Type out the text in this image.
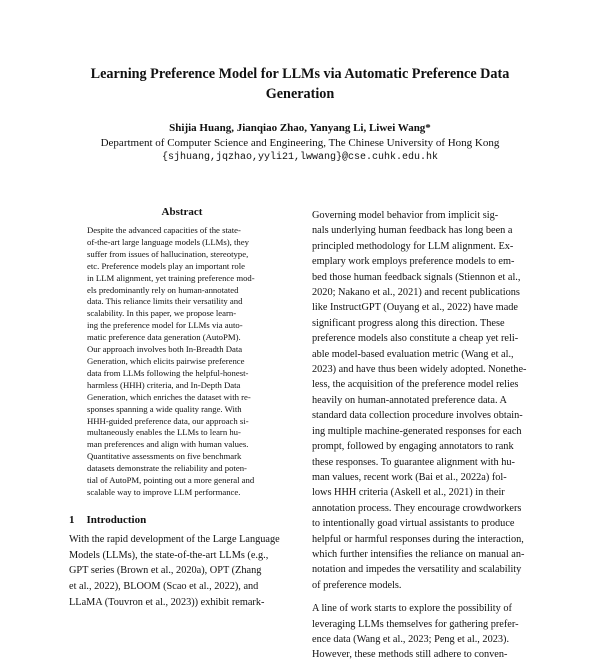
Learning Preference Model for LLMs via Automatic Preference Data
Generation
Shijia Huang, Jianqiao Zhao, Yanyang Li, Liwei Wang*
Department of Computer Science and Engineering, The Chinese University of Hong Kong
{sjhuang,jqzhao,yyli21,lwwang}@cse.cuhk.edu.hk
Abstract
Despite the advanced capacities of the state-
of-the-art large language models (LLMs), they
suffer from issues of hallucination, stereotype,
etc. Preference models play an important role
in LLM alignment, yet training preference mod-
els predominantly rely on human-annotated
data. This reliance limits their versatility and
scalability. In this paper, we propose learn-
ing the preference model for LLMs via auto-
matic preference data generation (AutoPM).
Our approach involves both In-Breadth Data
Generation, which elicits pairwise preference
data from LLMs following the helpful-honest-
harmless (HHH) criteria, and In-Depth Data
Generation, which enriches the dataset with re-
sponses spanning a wide quality range. With
HHH-guided preference data, our approach si-
multaneously enables the LLMs to learn hu-
man preferences and align with human values.
Quantitative assessments on five benchmark
datasets demonstrate the reliability and poten-
tial of AutoPM, pointing out a more general and
scalable way to improve LLM performance.
1 Introduction
With the rapid development of the Large Language
Models (LLMs), the state-of-the-art LLMs (e.g.,
GPT series (Brown et al., 2020a), OPT (Zhang
et al., 2022), BLOOM (Scao et al., 2022), and
LLaMA (Touvron et al., 2023)) exhibit remark-
Governing model behavior from implicit sig-
nals underlying human feedback has long been a
principled methodology for LLM alignment. Ex-
emplary work employs preference models to em-
bed those human feedback signals (Stiennon et al.,
2020; Nakano et al., 2021) and recent publications
like InstructGPT (Ouyang et al., 2022) have made
significant progress along this direction. These
preference models also constitute a cheap yet reli-
able model-based evaluation metric (Wang et al.,
2023) and have thus been widely adopted. Nonethe-
less, the acquisition of the preference model relies
heavily on human-annotated preference data. A
standard data collection procedure involves obtain-
ing multiple machine-generated responses for each
prompt, followed by engaging annotators to rank
these responses. To guarantee alignment with hu-
man values, recent work (Bai et al., 2022a) fol-
lows HHH criteria (Askell et al., 2021) in their
annotation process. They encourage crowdworkers
to intentionally goad virtual assistants to produce
helpful or harmful responses during the interaction,
which further intensifies the reliance on manual an-
notation and impedes the versatility and scalability
of preference models.
A line of work starts to explore the possibility of
leveraging LLMs themselves for gathering prefer-
ence data (Wang et al., 2023; Peng et al., 2023).
However, these methods still adhere to conven-
